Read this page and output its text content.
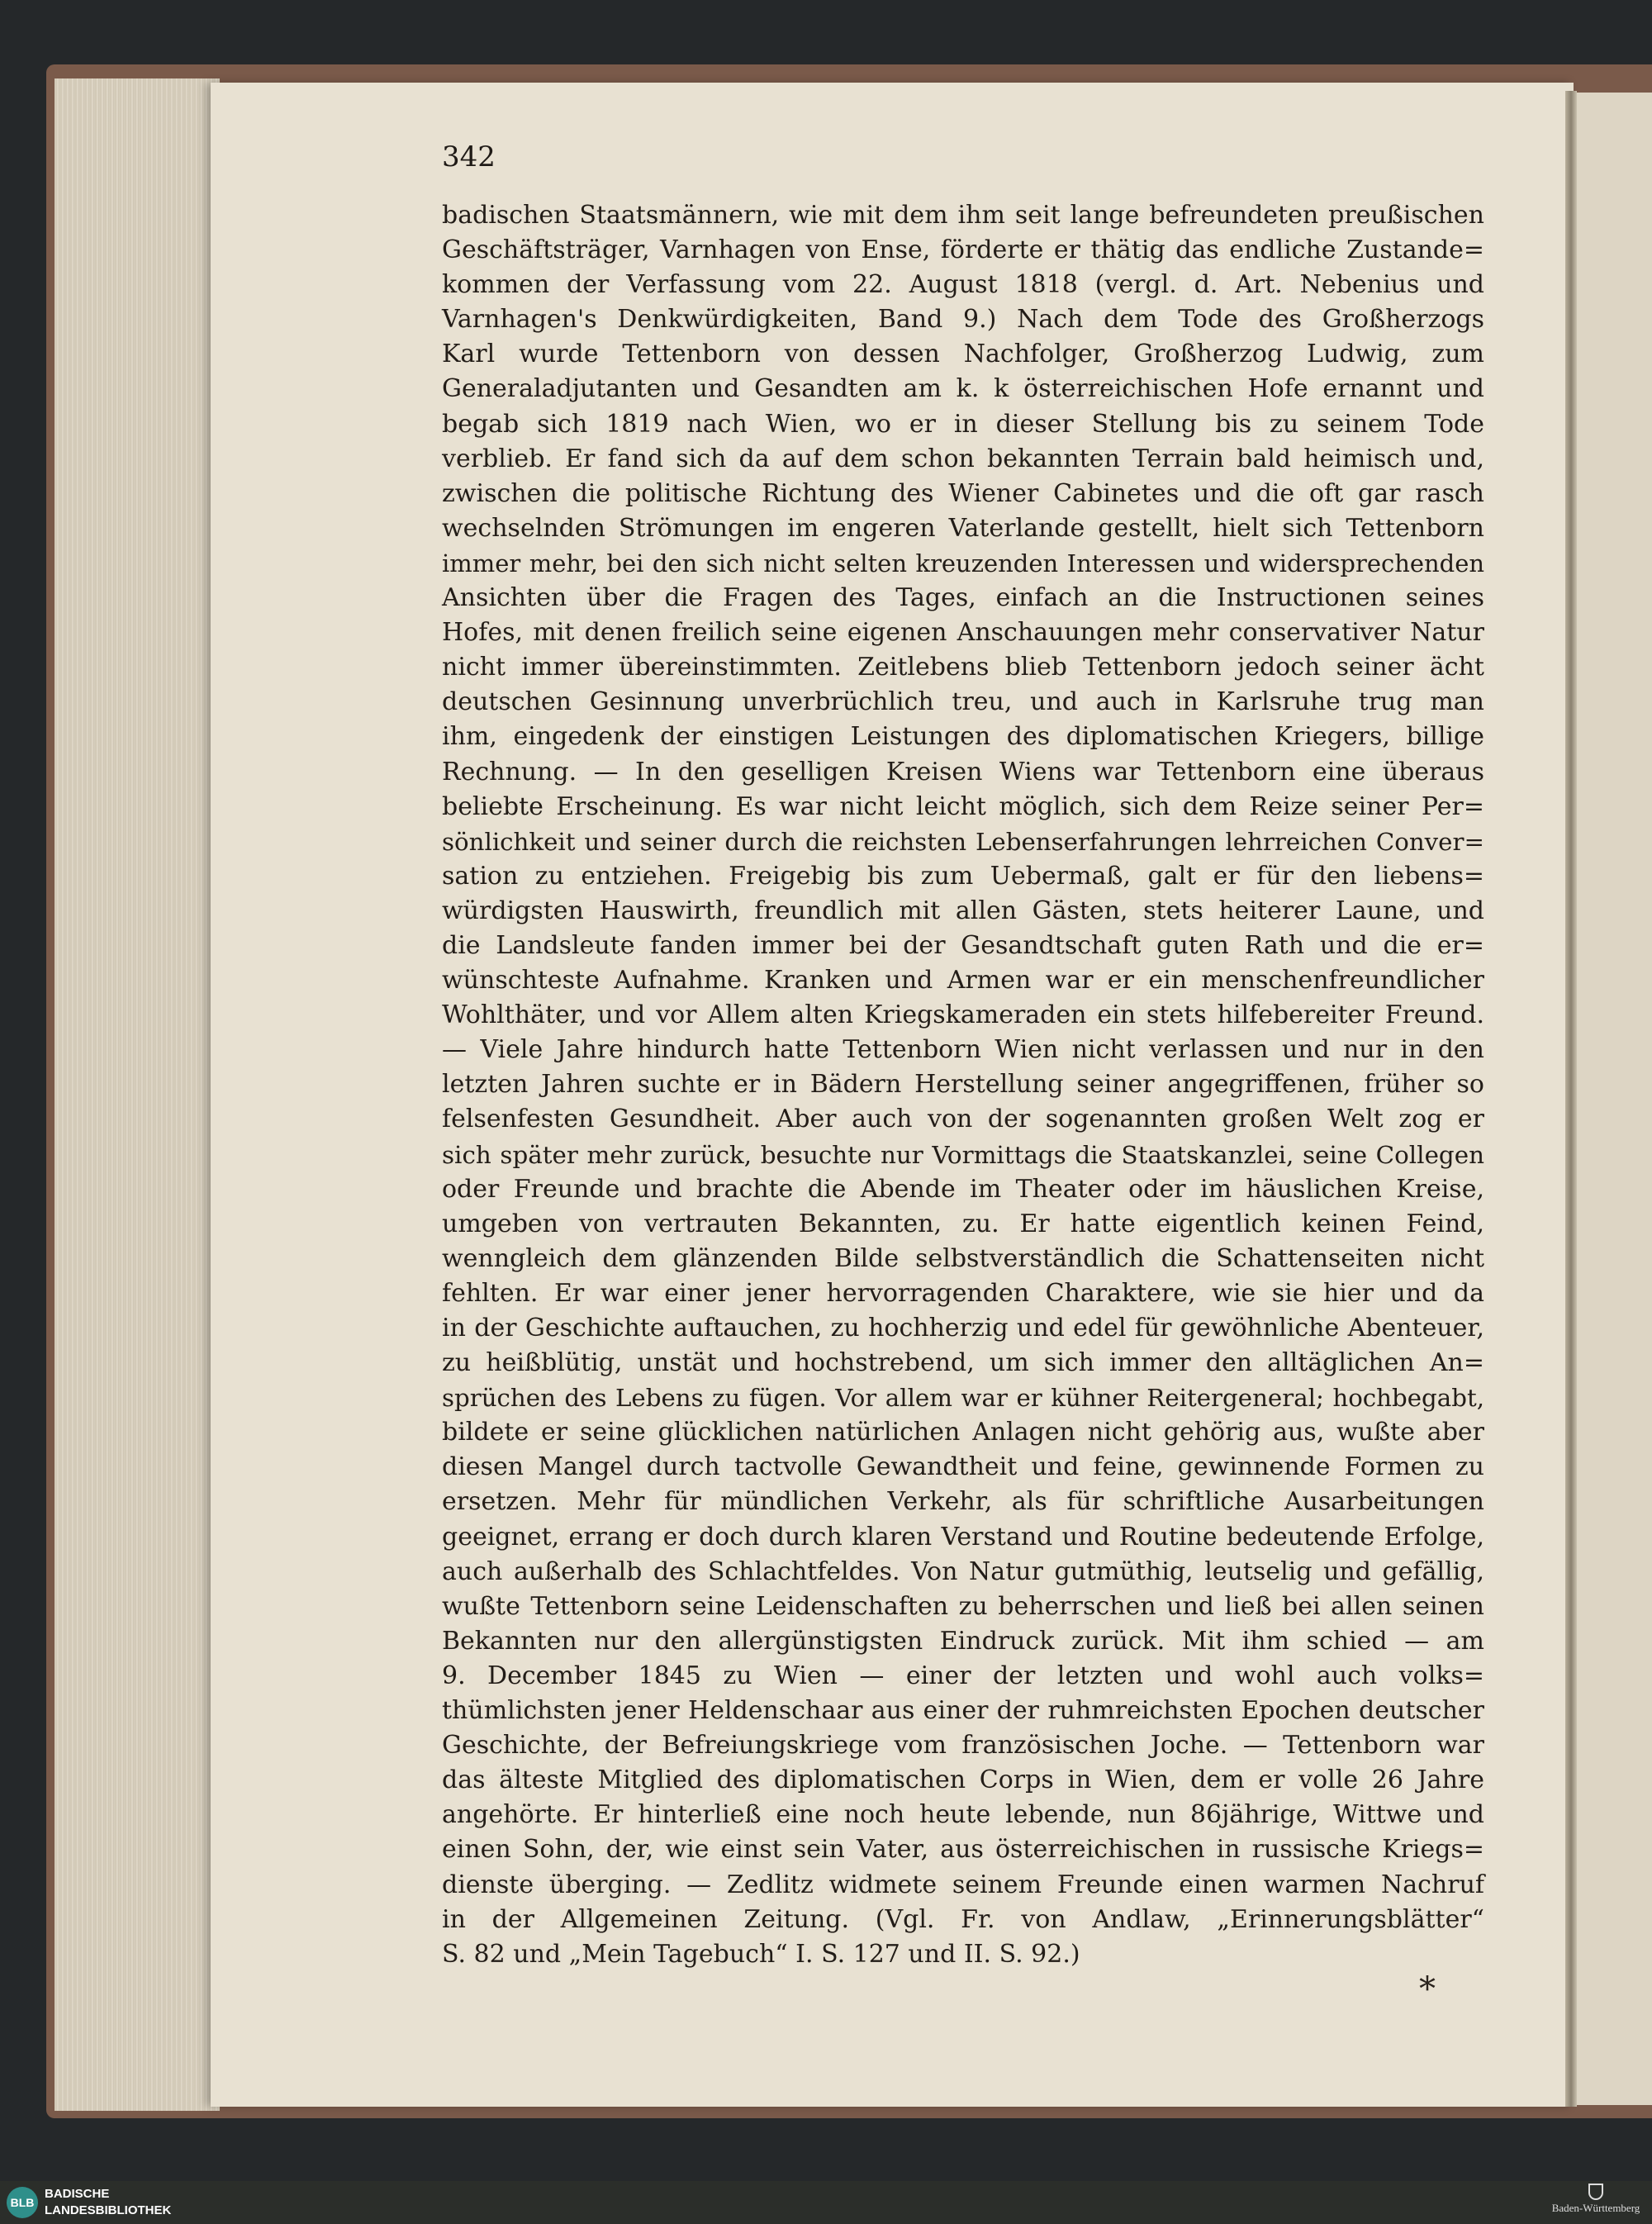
342
badischen Staatsmännern, wie mit dem ihm seit lange befreundeten preußischen
Geschäftsträger, Varnhagen von Ense, förderte er thätig das endliche Zustande=
kommen der Verfassung vom 22. August 1818 (vergl. d. Art. Nebenius und
Varnhagen's Denkwürdigkeiten, Band 9.) Nach dem Tode des Großherzogs
Karl wurde Tettenborn von dessen Nachfolger, Großherzog Ludwig, zum
Generaladjutanten und Gesandten am k. k österreichischen Hofe ernannt und
begab sich 1819 nach Wien, wo er in dieser Stellung bis zu seinem Tode
verblieb. Er fand sich da auf dem schon bekannten Terrain bald heimisch und,
zwischen die politische Richtung des Wiener Cabinetes und die oft gar rasch
wechselnden Strömungen im engeren Vaterlande gestellt, hielt sich Tettenborn
immer mehr, bei den sich nicht selten kreuzenden Interessen und widersprechenden
Ansichten über die Fragen des Tages, einfach an die Instructionen seines
Hofes, mit denen freilich seine eigenen Anschauungen mehr conservativer Natur
nicht immer übereinstimmten. Zeitlebens blieb Tettenborn jedoch seiner ächt
deutschen Gesinnung unverbrüchlich treu, und auch in Karlsruhe trug man
ihm, eingedenk der einstigen Leistungen des diplomatischen Kriegers, billige
Rechnung. — In den geselligen Kreisen Wiens war Tettenborn eine überaus
beliebte Erscheinung. Es war nicht leicht möglich, sich dem Reize seiner Per=
sönlichkeit und seiner durch die reichsten Lebenserfahrungen lehrreichen Conver=
sation zu entziehen. Freigebig bis zum Uebermaß, galt er für den liebens=
würdigsten Hauswirth, freundlich mit allen Gästen, stets heiterer Laune, und
die Landsleute fanden immer bei der Gesandtschaft guten Rath und die er=
wünschteste Aufnahme. Kranken und Armen war er ein menschenfreundlicher
Wohlthäter, und vor Allem alten Kriegskameraden ein stets hilfebereiter Freund.
— Viele Jahre hindurch hatte Tettenborn Wien nicht verlassen und nur in den
letzten Jahren suchte er in Bädern Herstellung seiner angegriffenen, früher so
felsenfesten Gesundheit. Aber auch von der sogenannten großen Welt zog er
sich später mehr zurück, besuchte nur Vormittags die Staatskanzlei, seine Collegen
oder Freunde und brachte die Abende im Theater oder im häuslichen Kreise,
umgeben von vertrauten Bekannten, zu. Er hatte eigentlich keinen Feind,
wenngleich dem glänzenden Bilde selbstverständlich die Schattenseiten nicht
fehlten. Er war einer jener hervorragenden Charaktere, wie sie hier und da
in der Geschichte auftauchen, zu hochherzig und edel für gewöhnliche Abenteuer,
zu heißblütig, unstät und hochstrebend, um sich immer den alltäglichen An=
sprüchen des Lebens zu fügen. Vor allem war er kühner Reitergeneral; hochbegabt,
bildete er seine glücklichen natürlichen Anlagen nicht gehörig aus, wußte aber
diesen Mangel durch tactvolle Gewandtheit und feine, gewinnende Formen zu
ersetzen. Mehr für mündlichen Verkehr, als für schriftliche Ausarbeitungen
geeignet, errang er doch durch klaren Verstand und Routine bedeutende Erfolge,
auch außerhalb des Schlachtfeldes. Von Natur gutmüthig, leutselig und gefällig,
wußte Tettenborn seine Leidenschaften zu beherrschen und ließ bei allen seinen
Bekannten nur den allergünstigsten Eindruck zurück. Mit ihm schied — am
9. December 1845 zu Wien — einer der letzten und wohl auch volks=
thümlichsten jener Heldenschaar aus einer der ruhmreichsten Epochen deutscher
Geschichte, der Befreiungskriege vom französischen Joche. — Tettenborn war
das älteste Mitglied des diplomatischen Corps in Wien, dem er volle 26 Jahre
angehörte. Er hinterließ eine noch heute lebende, nun 86jährige, Wittwe und
einen Sohn, der, wie einst sein Vater, aus österreichischen in russische Kriegs=
dienste überging. — Zedlitz widmete seinem Freunde einen warmen Nachruf
in der Allgemeinen Zeitung. (Vgl. Fr. von Andlaw, „Erinnerungsblätter“
S. 82 und „Mein Tagebuch“ I. S. 127 und II. S. 92.)
*
BLB
BADISCHE
LANDESBIBLIOTHEK	Baden-Württemberg
